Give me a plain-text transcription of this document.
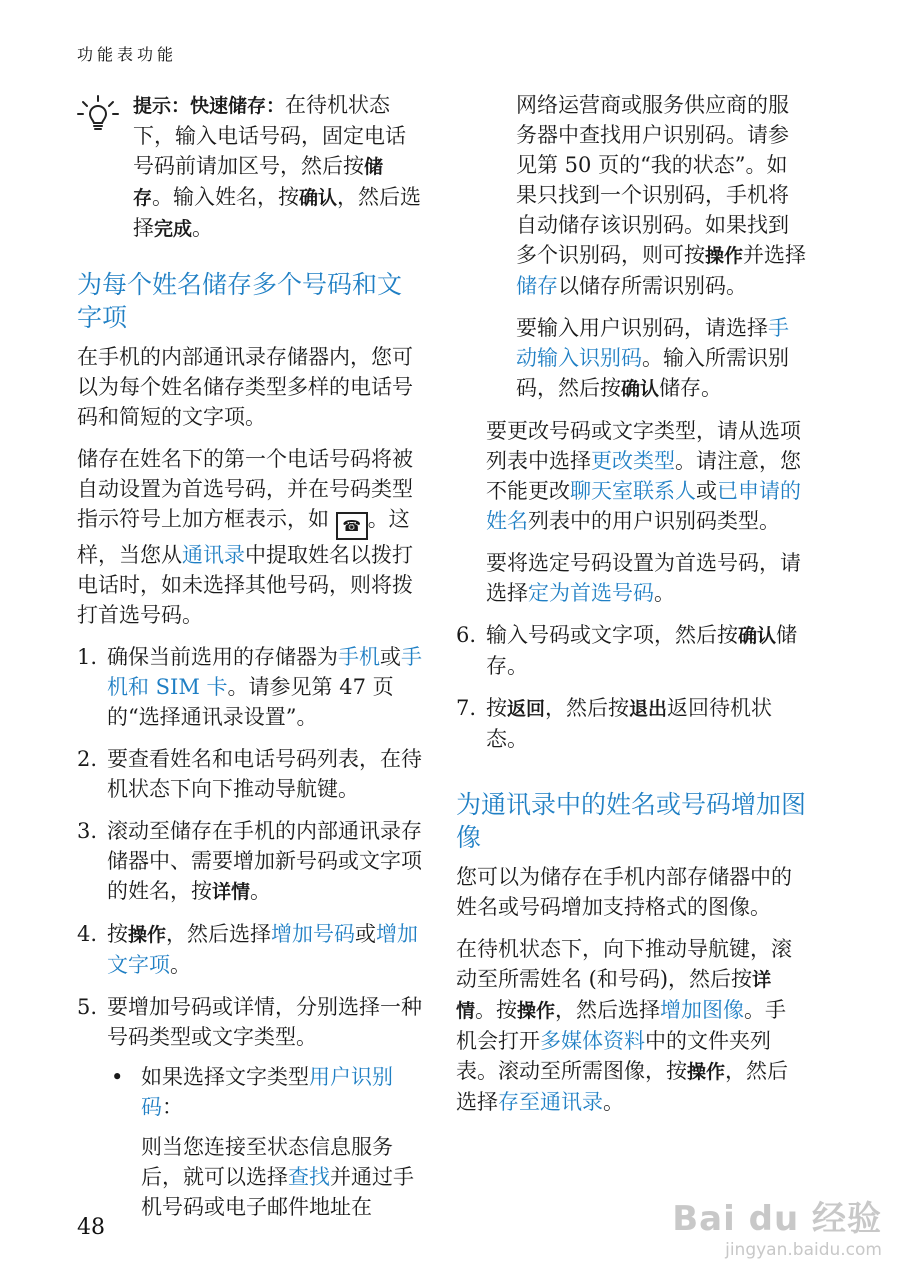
功能表功能

提示：快速储存：在待机状态下，输入电话号码，固定电话号码前请加区号，然后按储存。输入姓名，按确认，然后选择完成。

为每个姓名储存多个号码和文字项

在手机的内部通讯录存储器内，您可以为每个姓名储存类型多样的电话号码和简短的文字项。

储存在姓名下的第一个电话号码将被自动设置为首选号码，并在号码类型指示符号上加方框表示，如 ☎ 。这样，当您从通讯录中提取姓名以拨打电话时，如未选择其他号码，则将拨打首选号码。

1. 确保当前选用的存储器为手机或手机和 SIM 卡。请参见第 47 页的“选择通讯录设置”。
2. 要查看姓名和电话号码列表，在待机状态下向下推动导航键。
3. 滚动至储存在手机的内部通讯录存储器中、需要增加新号码或文字项的姓名，按详情。
4. 按操作，然后选择增加号码或增加文字项。
5. 要增加号码或详情，分别选择一种号码类型或文字类型。
• 如果选择文字类型用户识别码：

则当您连接至状态信息服务后，就可以选择查找并通过手机号码或电子邮件地址在

网络运营商或服务供应商的服务器中查找用户识别码。请参见第 50 页的“我的状态”。如果只找到一个识别码，手机将自动储存该识别码。如果找到多个识别码，则可按操作并选择储存以储存所需识别码。

要输入用户识别码，请选择手动输入识别码。输入所需识别码，然后按确认储存。

要更改号码或文字类型，请从选项列表中选择更改类型。请注意，您不能更改聊天室联系人或已申请的姓名列表中的用户识别码类型。

要将选定号码设置为首选号码，请选择定为首选号码。

6. 输入号码或文字项，然后按确认储存。
7. 按返回，然后按退出返回待机状态。
为通讯录中的姓名或号码增加图像

您可以为储存在手机内部存储器中的姓名或号码增加支持格式的图像。

在待机状态下，向下推动导航键，滚动至所需姓名 (和号码)，然后按详情。按操作，然后选择增加图像。手机会打开多媒体资料中的文件夹列表。滚动至所需图像，按操作，然后选择存至通讯录。

48	Bai du 经验
jingyan.baidu.com
